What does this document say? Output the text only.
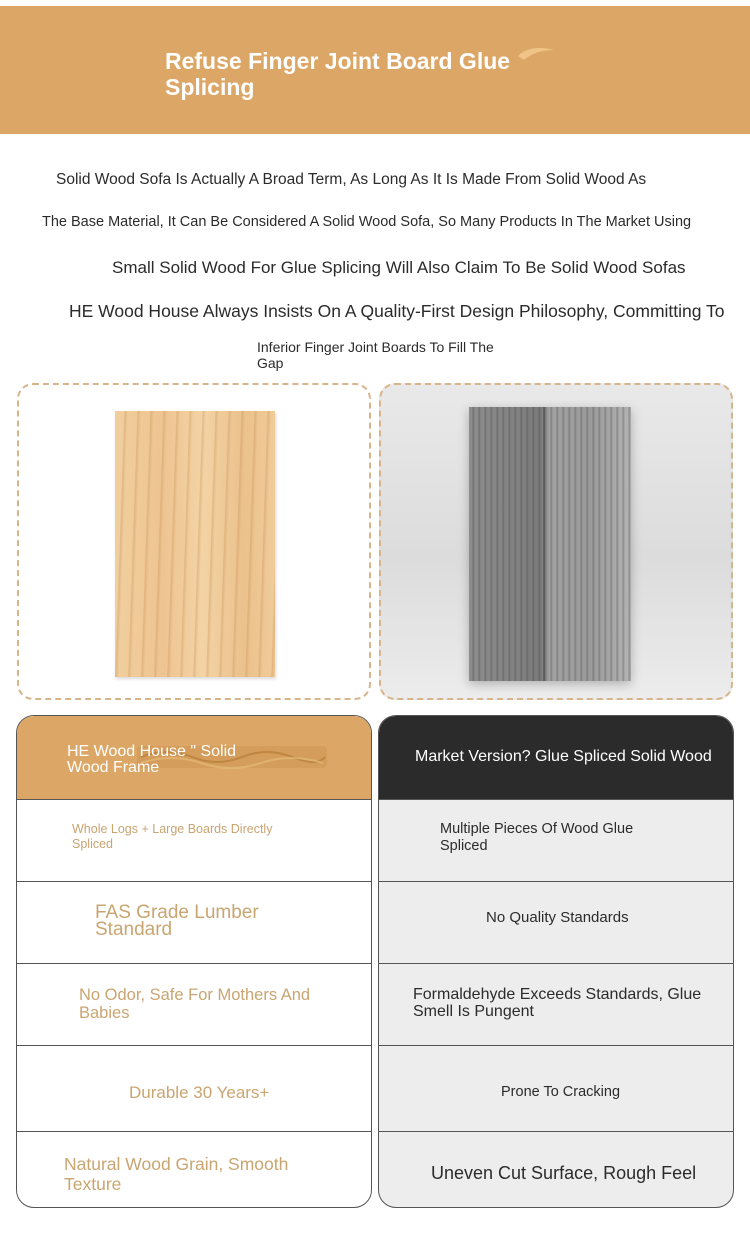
Refuse Finger Joint Board Glue Splicing
Solid Wood Sofa Is Actually A Broad Term, As Long As It Is Made From Solid Wood As
The Base Material, It Can Be Considered A Solid Wood Sofa, So Many Products In The Market Using
Small Solid Wood For Glue Splicing Will Also Claim To Be Solid Wood Sofas
HE Wood House Always Insists On A Quality-First Design Philosophy, Committing To
Inferior Finger Joint Boards To Fill The Gap
HE Wood House " Solid Wood Frame
Whole Logs + Large Boards Directly Spliced
FAS Grade Lumber Standard
No Odor, Safe For Mothers And Babies
Durable 30 Years+
Natural Wood Grain, Smooth Texture
Market Version? Glue Spliced Solid Wood
Multiple Pieces Of Wood Glue Spliced
No Quality Standards
Formaldehyde Exceeds Standards, Glue Smell Is Pungent
Prone To Cracking
Uneven Cut Surface, Rough Feel
